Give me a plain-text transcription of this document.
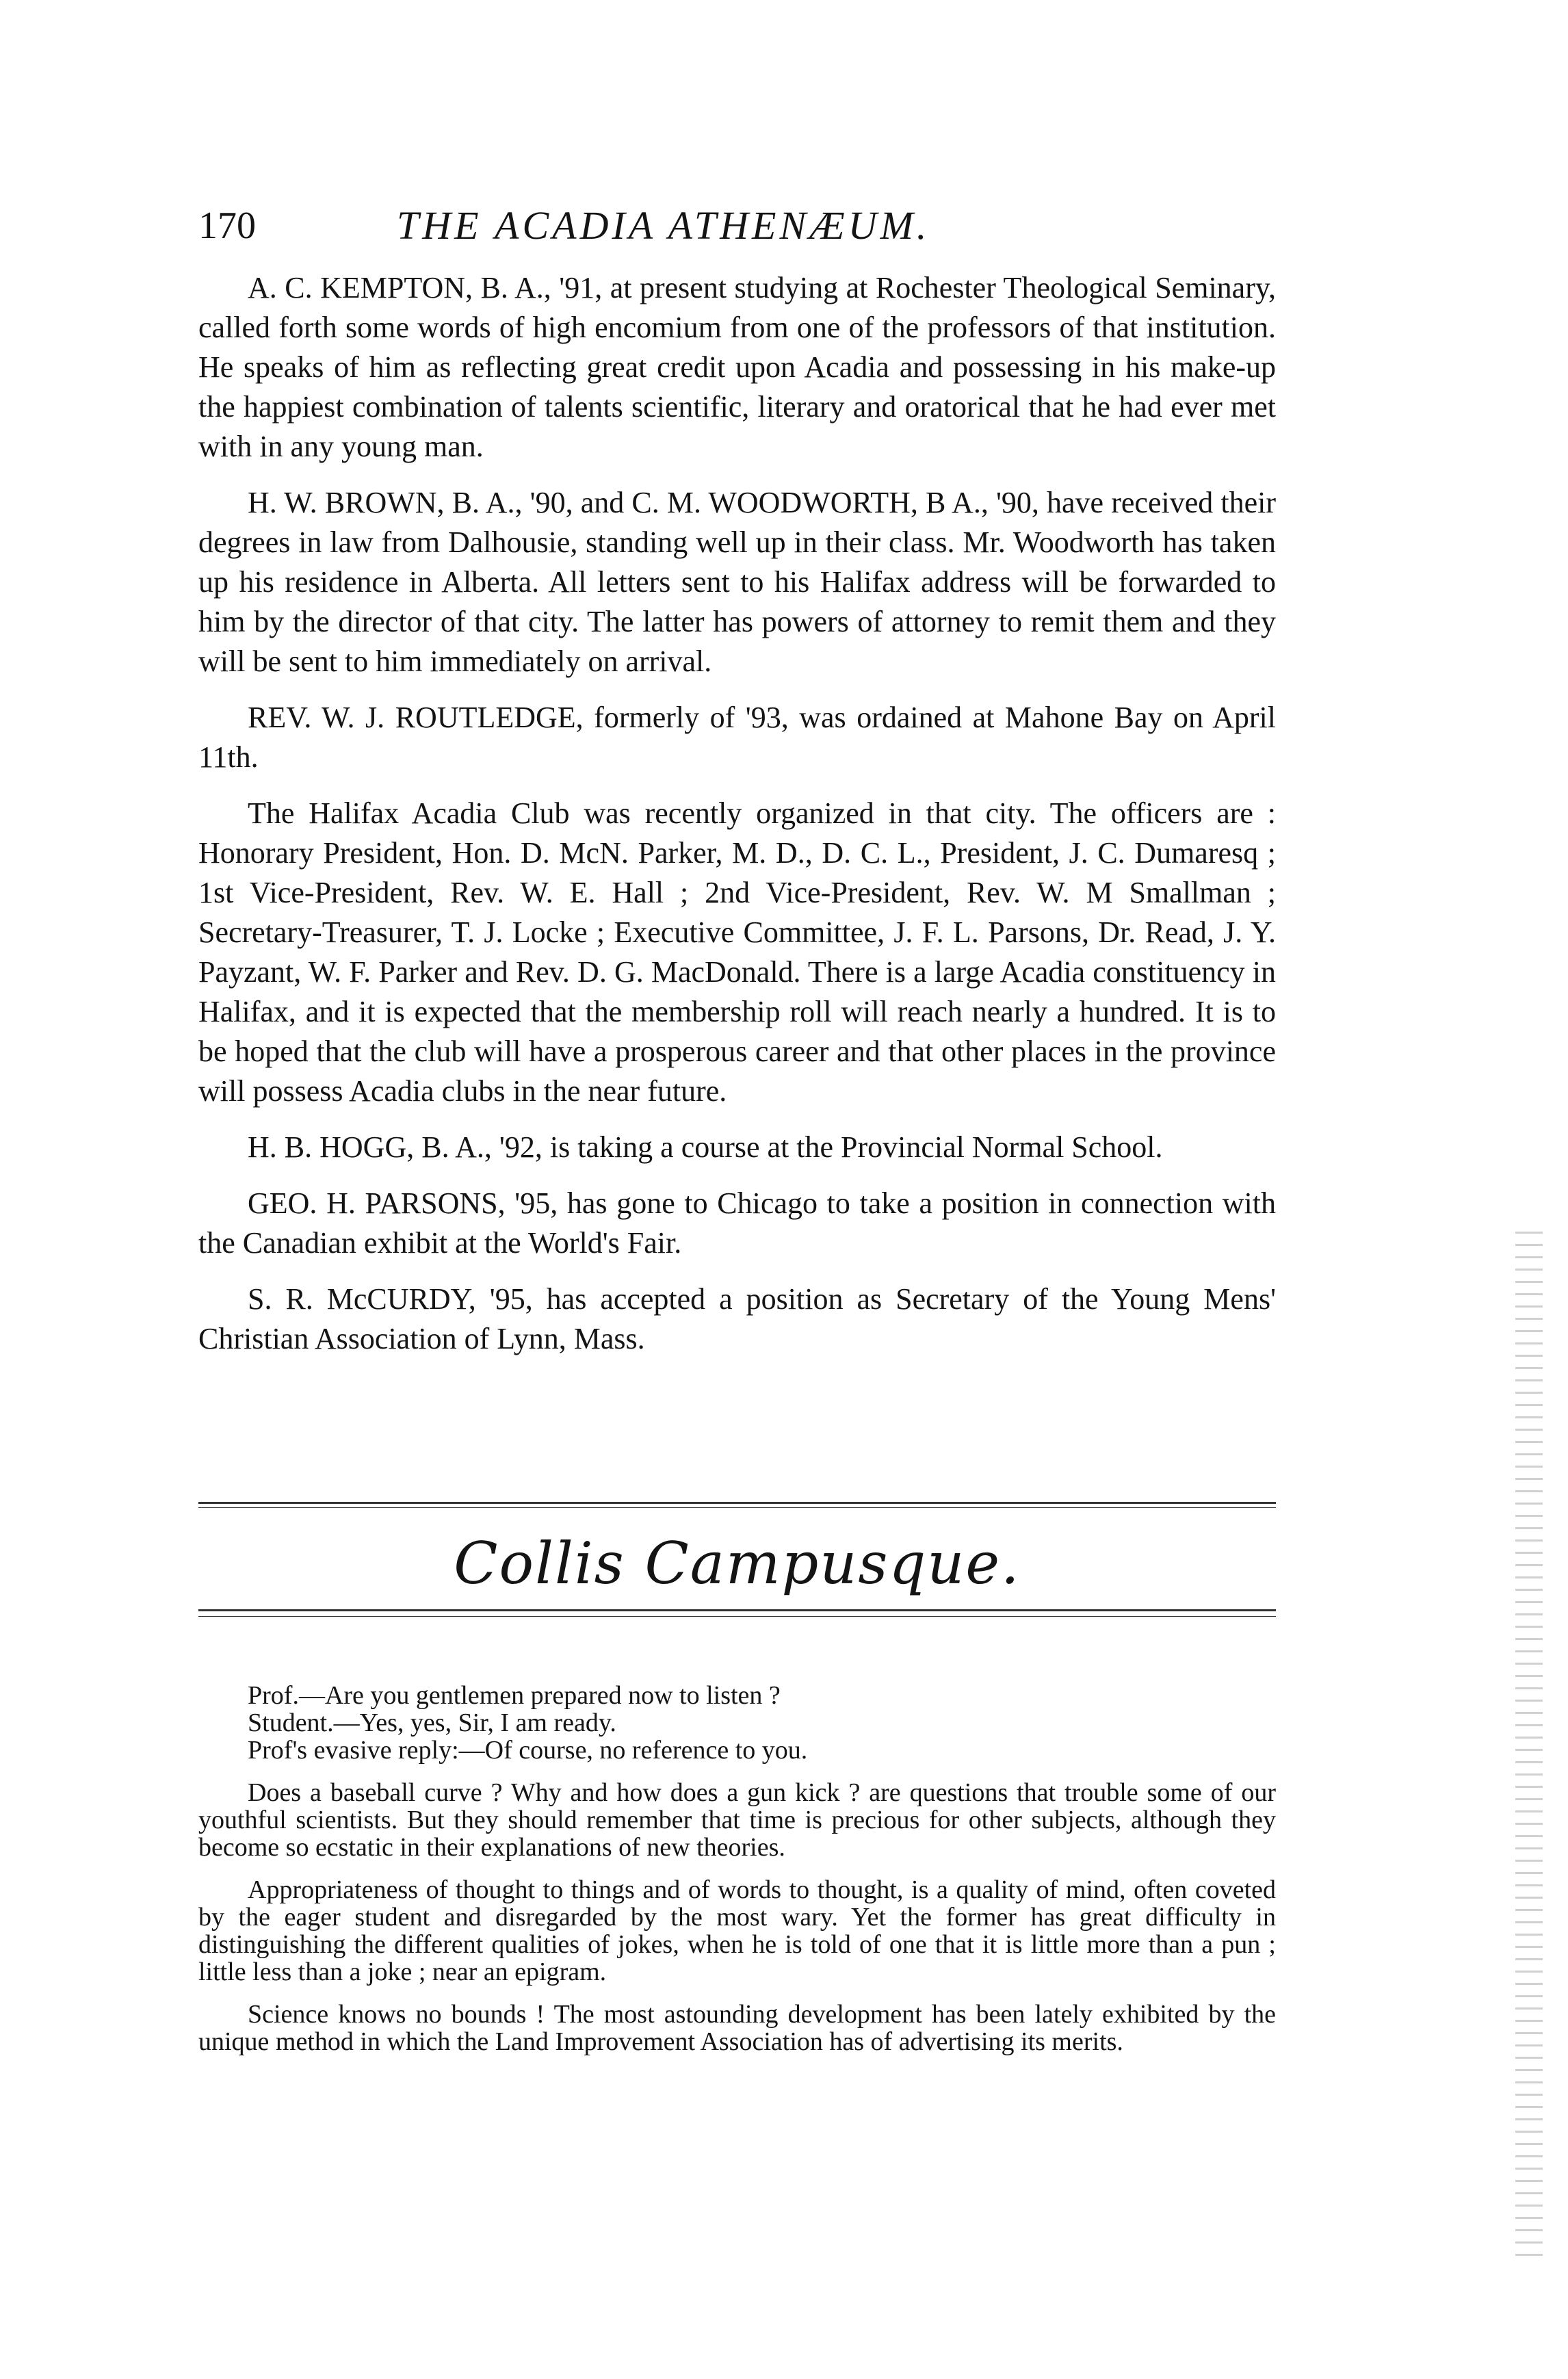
170	THE ACADIA ATHENÆUM.

A. C. KEMPTON, B. A., '91, at present studying at Rochester Theological Seminary, called forth some words of high encomium from one of the professors of that institution. He speaks of him as reflecting great credit upon Acadia and possessing in his make-up the happiest combination of talents scientific, literary and oratorical that he had ever met with in any young man.

H. W. BROWN, B. A., '90, and C. M. WOODWORTH, B A., '90, have received their degrees in law from Dalhousie, standing well up in their class. Mr. Woodworth has taken up his residence in Alberta. All letters sent to his Halifax address will be forwarded to him by the director of that city. The latter has powers of attorney to remit them and they will be sent to him immediately on arrival.

REV. W. J. ROUTLEDGE, formerly of '93, was ordained at Mahone Bay on April 11th.

The Halifax Acadia Club was recently organized in that city. The officers are : Honorary President, Hon. D. McN. Parker, M. D., D. C. L., President, J. C. Dumaresq ; 1st Vice-President, Rev. W. E. Hall ; 2nd Vice-President, Rev. W. M Smallman ; Secretary-Treasurer, T. J. Locke ; Executive Committee, J. F. L. Parsons, Dr. Read, J. Y. Payzant, W. F. Parker and Rev. D. G. MacDonald. There is a large Acadia constituency in Halifax, and it is expected that the membership roll will reach nearly a hundred. It is to be hoped that the club will have a prosperous career and that other places in the province will possess Acadia clubs in the near future.

H. B. HOGG, B. A., '92, is taking a course at the Provincial Normal School.

GEO. H. PARSONS, '95, has gone to Chicago to take a position in connection with the Canadian exhibit at the World's Fair.

S. R. McCURDY, '95, has accepted a position as Secretary of the Young Mens' Christian Association of Lynn, Mass.

Collis Campusque.
Prof.—Are you gentlemen prepared now to listen ?
Student.—Yes, yes, Sir, I am ready.
Prof's evasive reply:—Of course, no reference to you.

Does a baseball curve ? Why and how does a gun kick ? are questions that trouble some of our youthful scientists. But they should remember that time is precious for other subjects, although they become so ecstatic in their explanations of new theories.

Appropriateness of thought to things and of words to thought, is a quality of mind, often coveted by the eager student and disregarded by the most wary. Yet the former has great difficulty in distinguishing the different qualities of jokes, when he is told of one that it is little more than a pun ; little less than a joke ; near an epigram.

Science knows no bounds ! The most astounding development has been lately exhibited by the unique method in which the Land Improvement Association has of advertising its merits.
